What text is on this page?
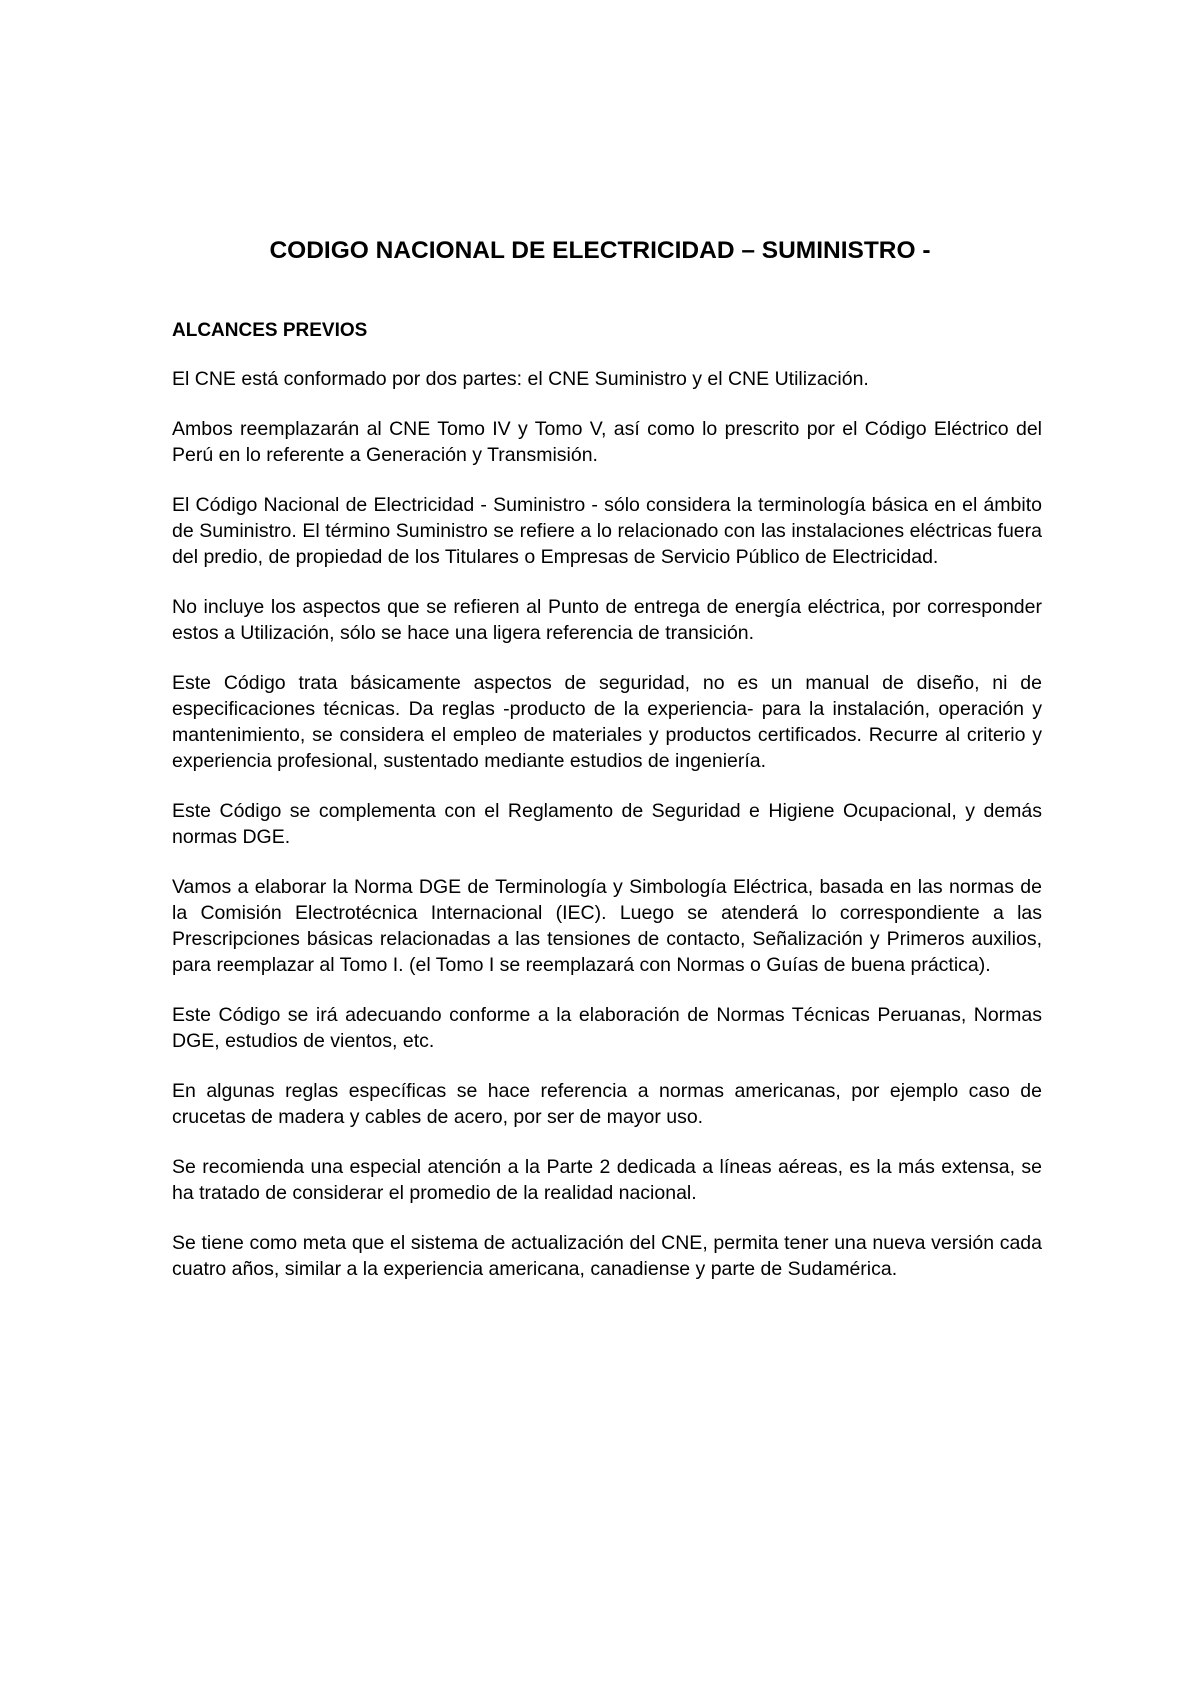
CODIGO NACIONAL DE ELECTRICIDAD – SUMINISTRO -
ALCANCES PREVIOS

El CNE está conformado por dos partes: el CNE Suministro y el CNE Utilización.

Ambos reemplazarán al CNE Tomo IV y Tomo V, así como lo prescrito por el Código Eléctrico del Perú en lo referente a Generación y Transmisión.

El Código Nacional de Electricidad - Suministro - sólo considera la terminología básica en el ámbito de Suministro. El término Suministro se refiere a lo relacionado con las instalaciones eléctricas fuera del predio, de propiedad de los Titulares o Empresas de Servicio Público de Electricidad.

No incluye los aspectos que se refieren al Punto de entrega de energía eléctrica, por corresponder estos a Utilización, sólo se hace una ligera referencia de transición.

Este Código trata básicamente aspectos de seguridad, no es un manual de diseño, ni de especificaciones técnicas. Da reglas -producto de la experiencia- para la instalación, operación y mantenimiento, se considera el empleo de materiales y productos certificados. Recurre al criterio y experiencia profesional, sustentado mediante estudios de ingeniería.

Este Código se complementa con el Reglamento de Seguridad e Higiene Ocupacional, y demás normas DGE.

Vamos a elaborar la Norma DGE de Terminología y Simbología Eléctrica, basada en las normas de la Comisión Electrotécnica Internacional (IEC). Luego se atenderá lo correspondiente a las Prescripciones básicas relacionadas a las tensiones de contacto, Señalización y Primeros auxilios, para reemplazar al Tomo I. (el Tomo I se reemplazará con Normas o Guías de buena práctica).

Este Código se irá adecuando conforme a la elaboración de Normas Técnicas Peruanas, Normas DGE, estudios de vientos, etc.

En algunas reglas específicas se hace referencia a normas americanas, por ejemplo caso de crucetas de madera y cables de acero, por ser de mayor uso.

Se recomienda una especial atención a la Parte 2 dedicada a líneas aéreas, es la más extensa, se ha tratado de considerar el promedio de la realidad nacional.

Se tiene como meta que el sistema de actualización del CNE, permita tener una nueva versión cada cuatro años, similar a la experiencia americana, canadiense y parte de Sudamérica.
